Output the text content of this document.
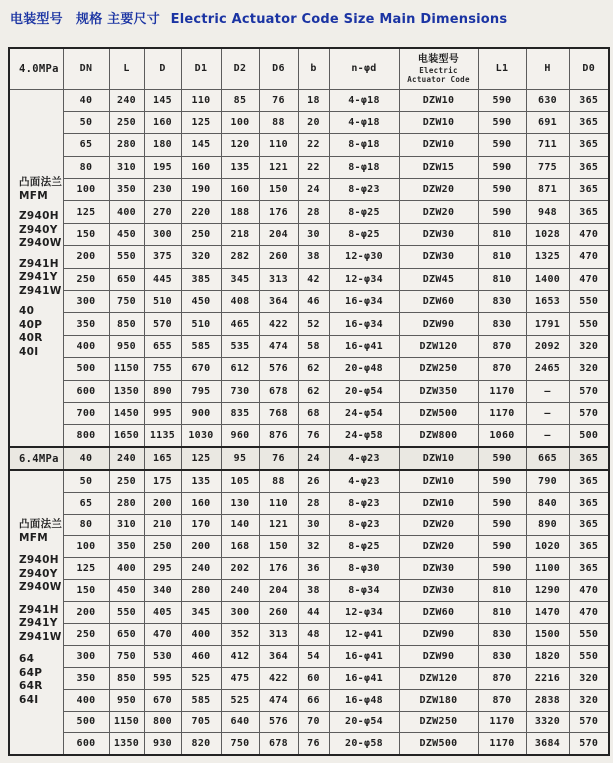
电装型号　规格 主要尺寸 Electric Actuator Code Size Main Dimensions
4.0MPa	DN	L	D	D1	D2	D6	b	n-φd	电装型号
Electric
Actuator Code	L1	H	D0

凸面法兰
MFM
Z940H
Z940Y
Z940W
Z941H
Z941Y
Z941W
40
40P
40R
40I
	40	240	145	110	85	76	18	4-φ18	DZW10	590	630	365
	50	250	160	125	100	88	20	4-φ18	DZW10	590	691	365
	65	280	180	145	120	110	22	8-φ18	DZW10	590	711	365
	80	310	195	160	135	121	22	8-φ18	DZW15	590	775	365
	100	350	230	190	160	150	24	8-φ23	DZW20	590	871	365
	125	400	270	220	188	176	28	8-φ25	DZW20	590	948	365
	150	450	300	250	218	204	30	8-φ25	DZW30	810	1028	470
	200	550	375	320	282	260	38	12-φ30	DZW30	810	1325	470
	250	650	445	385	345	313	42	12-φ34	DZW45	810	1400	470
	300	750	510	450	408	364	46	16-φ34	DZW60	830	1653	550
	350	850	570	510	465	422	52	16-φ34	DZW90	830	1791	550
	400	950	655	585	535	474	58	16-φ41	DZW120	870	2092	320
	500	1150	755	670	612	576	62	20-φ48	DZW250	870	2465	320
	600	1350	890	795	730	678	62	20-φ54	DZW350	1170	–	570
	700	1450	995	900	835	768	68	24-φ54	DZW500	1170	–	570
	800	1650	1135	1030	960	876	76	24-φ58	DZW800	1060	–	500
6.4MPa	40	240	165	125	95	76	24	4-φ23	DZW10	590	665	365

凸面法兰
MFM
Z940H
Z940Y
Z940W
Z941H
Z941Y
Z941W
64
64P
64R
64I
	50	250	175	135	105	88	26	4-φ23	DZW10	590	790	365
	65	280	200	160	130	110	28	8-φ23	DZW10	590	840	365
	80	310	210	170	140	121	30	8-φ23	DZW20	590	890	365
	100	350	250	200	168	150	32	8-φ25	DZW20	590	1020	365
	125	400	295	240	202	176	36	8-φ30	DZW30	590	1100	365
	150	450	340	280	240	204	38	8-φ34	DZW30	810	1290	470
	200	550	405	345	300	260	44	12-φ34	DZW60	810	1470	470
	250	650	470	400	352	313	48	12-φ41	DZW90	830	1500	550
	300	750	530	460	412	364	54	16-φ41	DZW90	830	1820	550
	350	850	595	525	475	422	60	16-φ41	DZW120	870	2216	320
	400	950	670	585	525	474	66	16-φ48	DZW180	870	2838	320
	500	1150	800	705	640	576	70	20-φ54	DZW250	1170	3320	570
	600	1350	930	820	750	678	76	20-φ58	DZW500	1170	3684	570
